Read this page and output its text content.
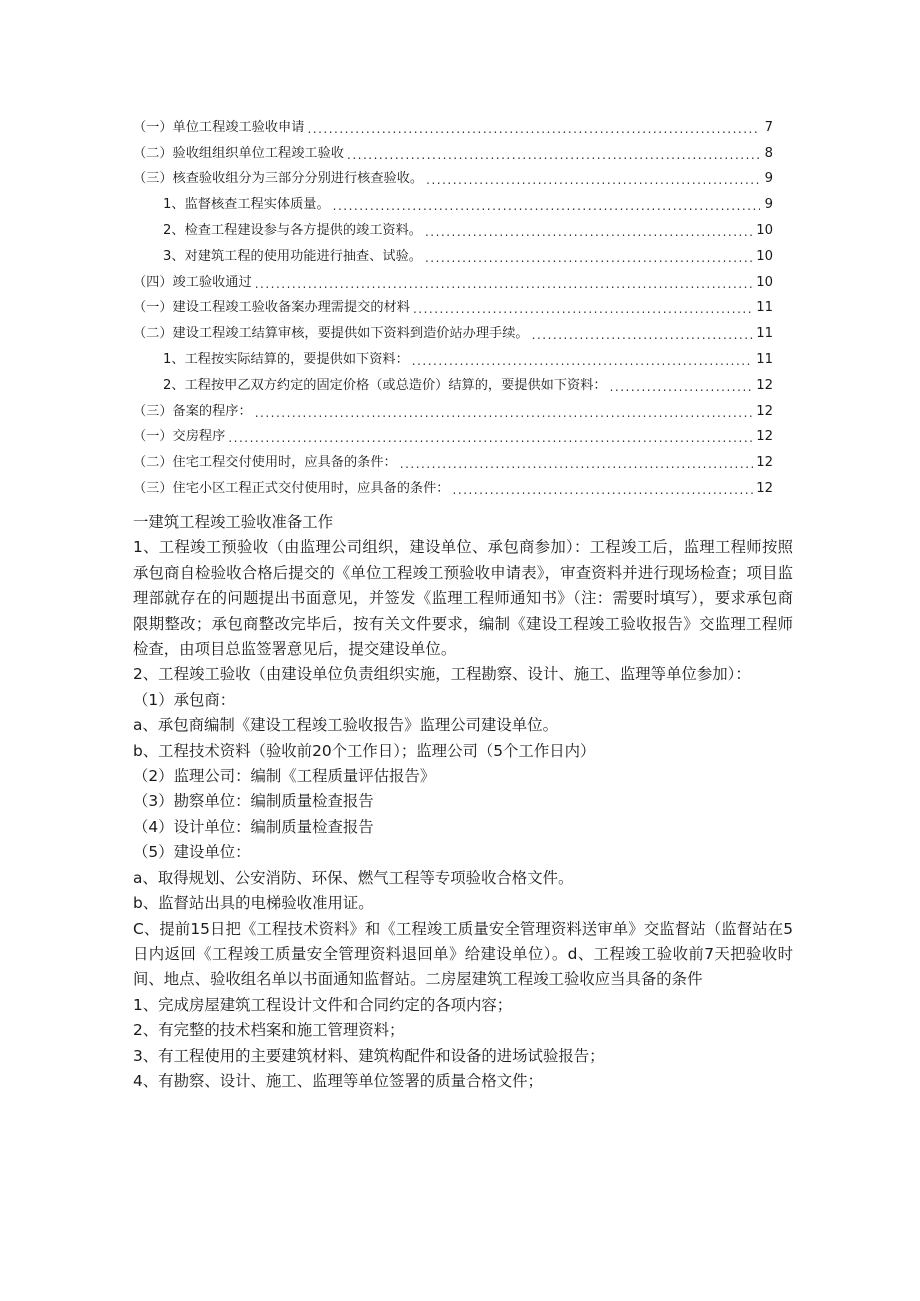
（一）单位工程竣工验收申请 .....	7
（二）验收组组织单位工程竣工验收 .....	8
（三）核查验收组分为三部分分别进行核查验收。 .....	9
1、监督核查工程实体质量。 .....	9
2、检查工程建设参与各方提供的竣工资料。 .....	10
3、对建筑工程的使用功能进行抽查、试验。 .....	10
（四）竣工验收通过 .....	10
（一）建设工程竣工验收备案办理需提交的材料 .....	11
（二）建设工程竣工结算审核，要提供如下资料到造价站办理手续。 .....	11
1、工程按实际结算的，要提供如下资料： .....	11
2、工程按甲乙双方约定的固定价格（或总造价）结算的，要提供如下资料： .....	12
（三）备案的程序： .....	12
（一）交房程序 .....	12
（二）住宅工程交付使用时，应具备的条件： .....	12
（三）住宅小区工程正式交付使用时，应具备的条件： .....	12

一建筑工程竣工验收准备工作

1、工程竣工预验收（由监理公司组织，建设单位、承包商参加）：工程竣工后，监理工程师按照承包商自检验收合格后提交的《单位工程竣工预验收申请表》，审查资料并进行现场检查；项目监理部就存在的问题提出书面意见，并签发《监理工程师通知书》（注：需要时填写），要求承包商限期整改；承包商整改完毕后，按有关文件要求，编制《建设工程竣工验收报告》交监理工程师检查，由项目总监签署意见后，提交建设单位。

2、工程竣工验收（由建设单位负责组织实施，工程勘察、设计、施工、监理等单位参加）：

（1）承包商：

a、承包商编制《建设工程竣工验收报告》监理公司建设单位。

b、工程技术资料（验收前20个工作日）；监理公司（5个工作日内）

（2）监理公司：编制《工程质量评估报告》

（3）勘察单位：编制质量检查报告

（4）设计单位：编制质量检查报告

（5）建设单位：

a、取得规划、公安消防、环保、燃气工程等专项验收合格文件。

b、监督站出具的电梯验收准用证。

C、提前15日把《工程技术资料》和《工程竣工质量安全管理资料送审单》交监督站（监督站在5日内返回《工程竣工质量安全管理资料退回单》给建设单位）。d、工程竣工验收前7天把验收时间、地点、验收组名单以书面通知监督站。二房屋建筑工程竣工验收应当具备的条件

1、完成房屋建筑工程设计文件和合同约定的各项内容；

2、有完整的技术档案和施工管理资料；

3、有工程使用的主要建筑材料、建筑构配件和设备的进场试验报告；

4、有勘察、设计、施工、监理等单位签署的质量合格文件；
